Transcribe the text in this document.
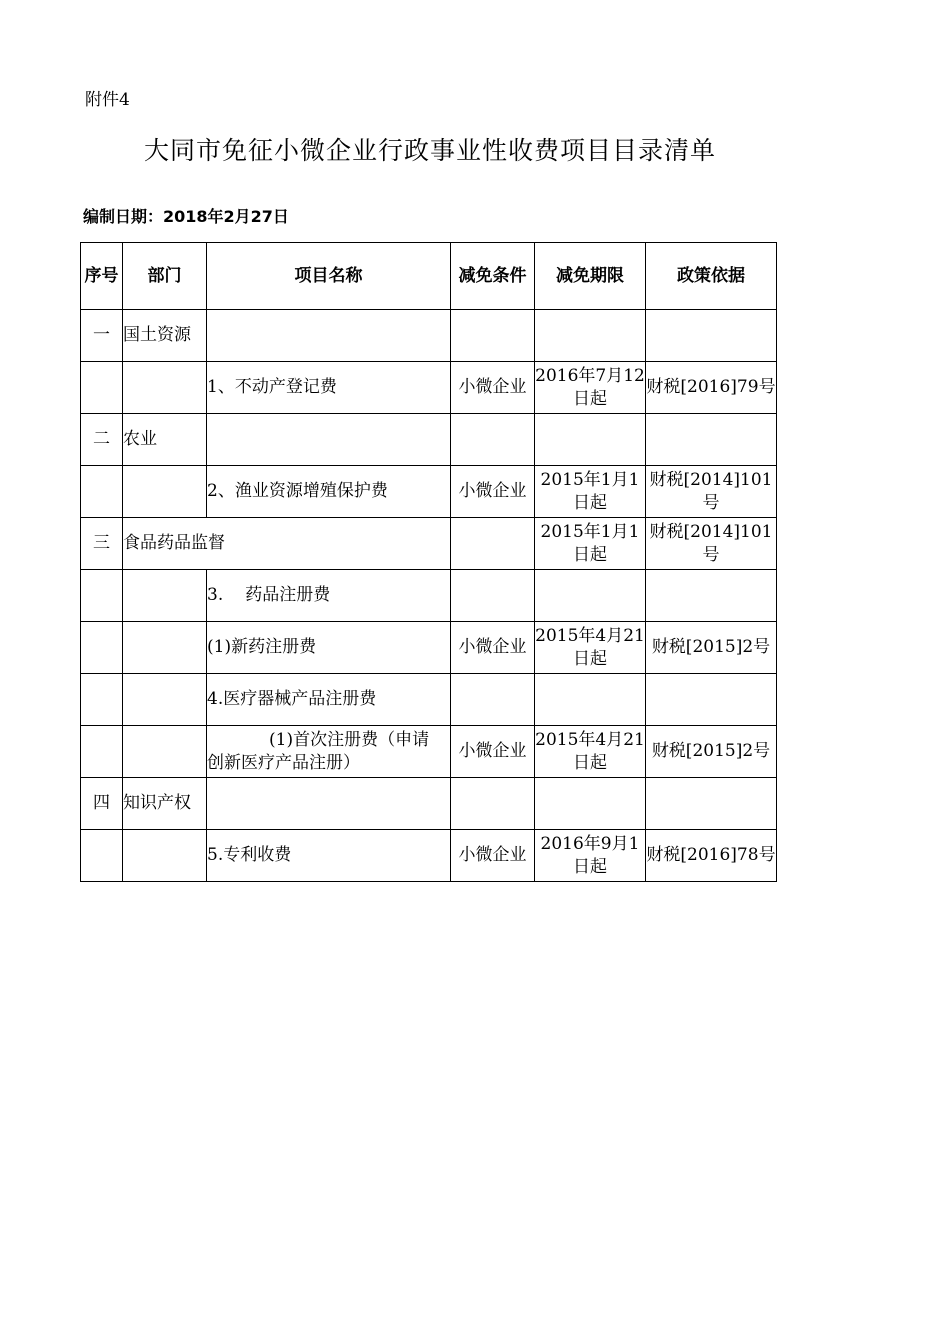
附件4
大同市免征小微企业行政事业性收费项目目录清单
编制日期：2018年2月27日
序号	部门	项目名称	减免条件	减免期限	政策依据
一	国土资源				
		1、不动产登记费	小微企业	2016年7月12日起	财税[2016]79号
二	农业				
		2、渔业资源增殖保护费	小微企业	2015年1月1日起	财税[2014]101号
三	食品药品监督			2015年1月1日起	财税[2014]101号
		3. 药品注册费			
		(1)新药注册费	小微企业	2015年4月21日起	财税[2015]2号
		4.医疗器械产品注册费			
		(1)首次注册费（申请创新医疗产品注册）	小微企业	2015年4月21日起	财税[2015]2号
四	知识产权				
		5.专利收费	小微企业	2016年9月1日起	财税[2016]78号
